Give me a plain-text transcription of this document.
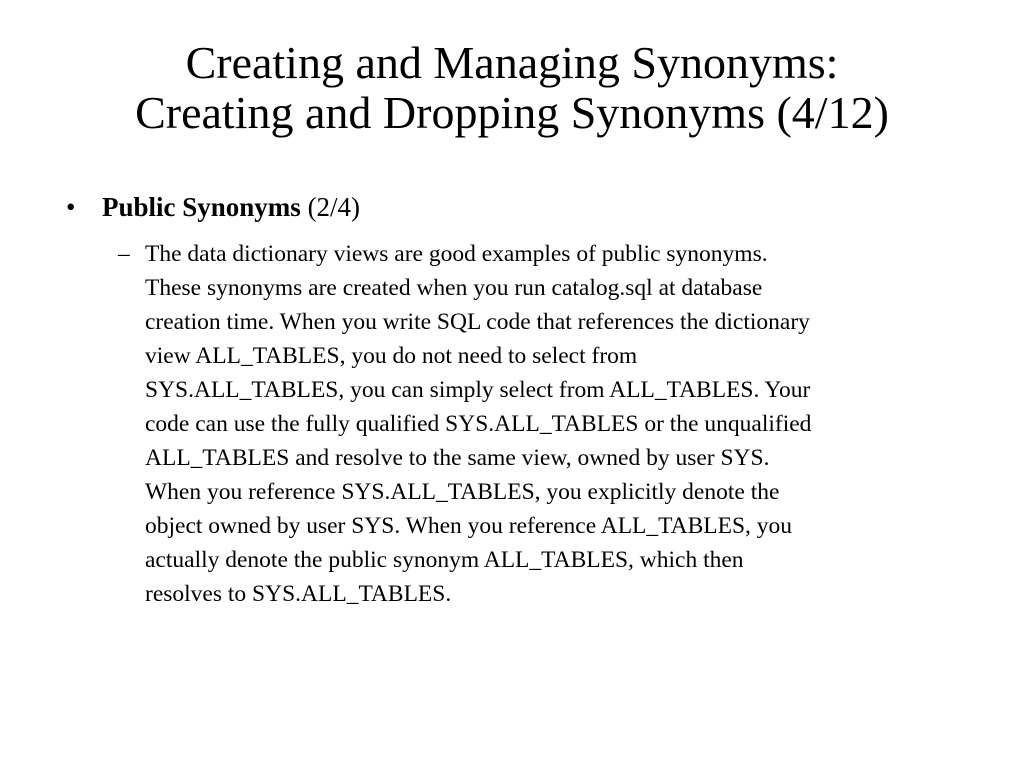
Creating and Managing Synonyms:
Creating and Dropping Synonyms (4/12)
• Public Synonyms (2/4)
– The data dictionary views are good examples of public synonyms.
These synonyms are created when you run catalog.sql at database
creation time. When you write SQL code that references the dictionary
view ALL_TABLES, you do not need to select from
SYS.ALL_TABLES, you can simply select from ALL_TABLES. Your
code can use the fully qualified SYS.ALL_TABLES or the unqualified
ALL_TABLES and resolve to the same view, owned by user SYS.
When you reference SYS.ALL_TABLES, you explicitly denote the
object owned by user SYS. When you reference ALL_TABLES, you
actually denote the public synonym ALL_TABLES, which then
resolves to SYS.ALL_TABLES.
